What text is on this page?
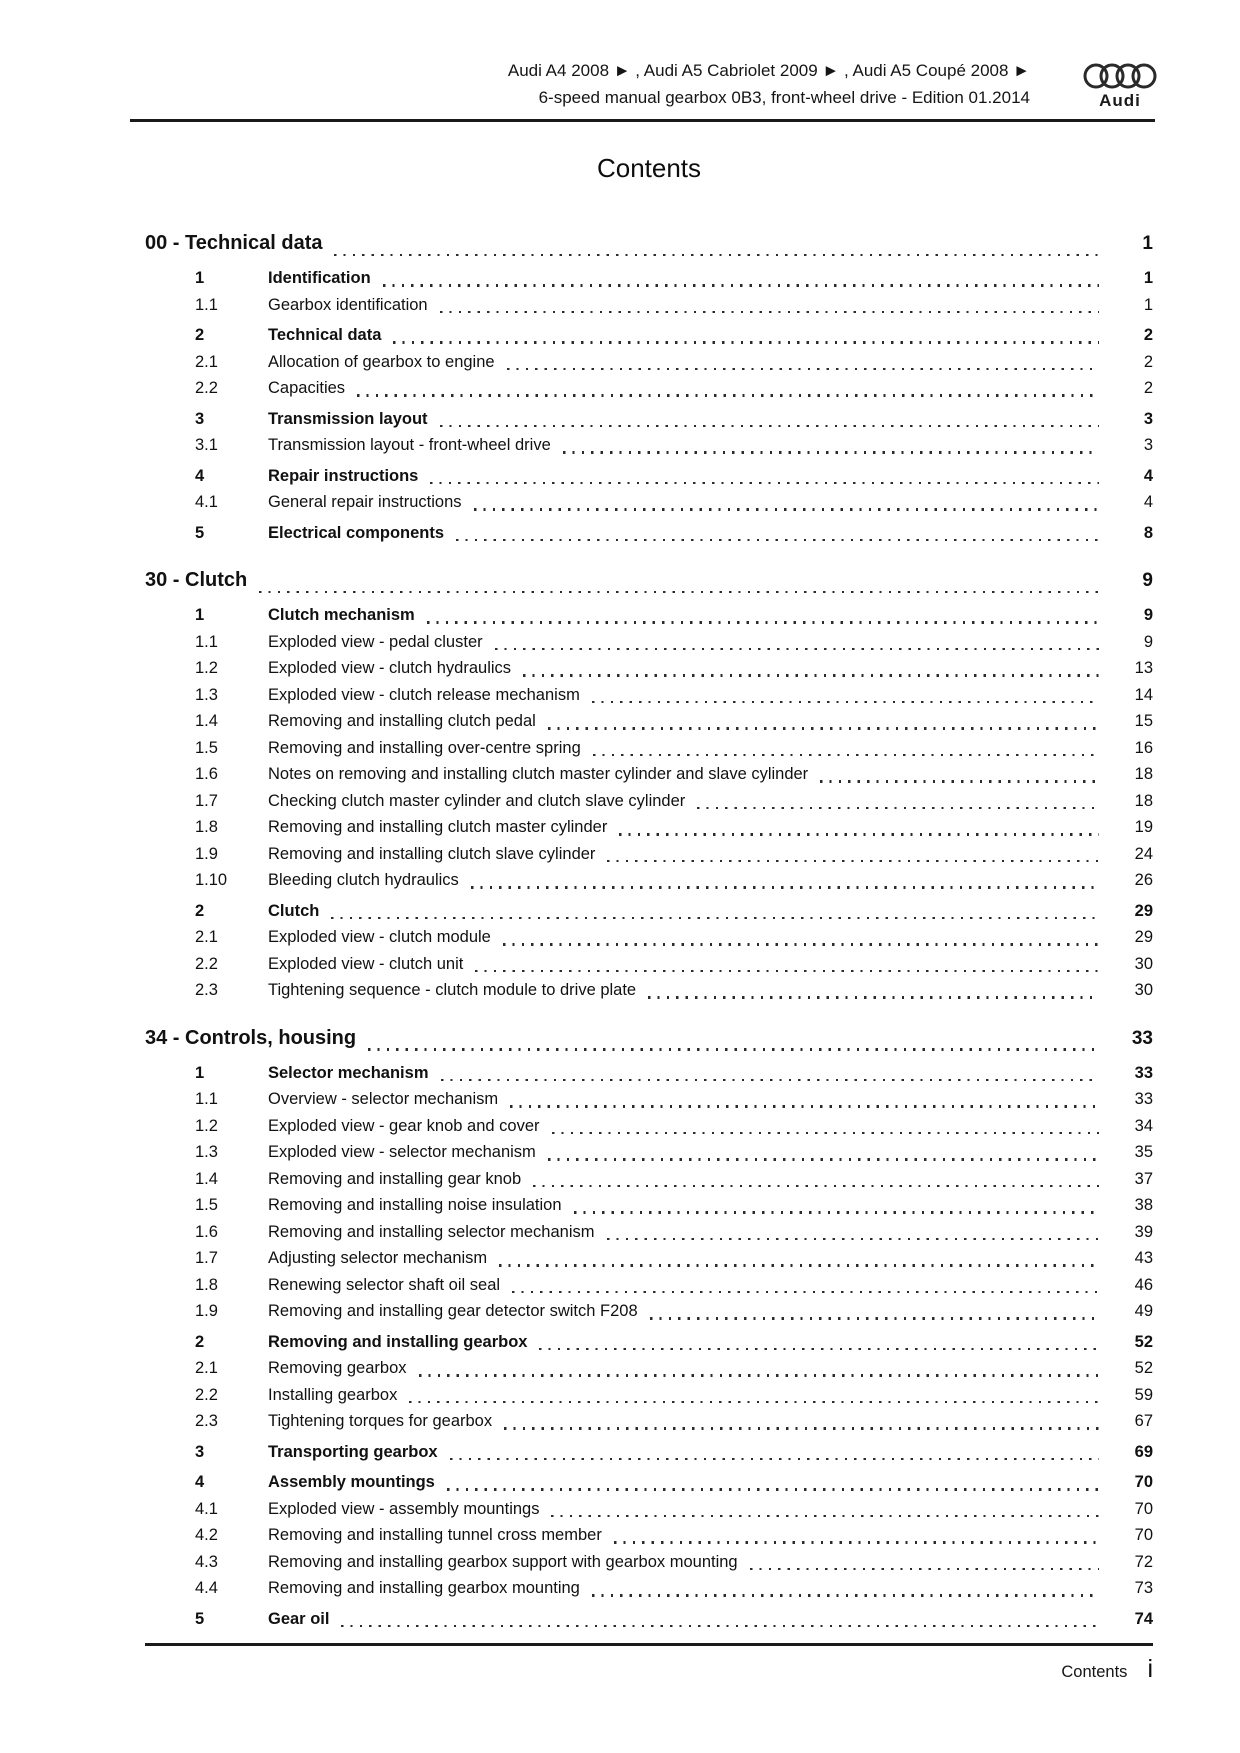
Audi A4 2008 ► , Audi A5 Cabriolet 2009 ► , Audi A5 Coupé 2008 ►
6-speed manual gearbox 0B3, front-wheel drive - Edition 01.2014	Audi
Contents
00 - Technical data	1
1	Identification	1
1.1	Gearbox identification	1
2	Technical data	2
2.1	Allocation of gearbox to engine	2
2.2	Capacities	2
3	Transmission layout	3
3.1	Transmission layout - front-wheel drive	3
4	Repair instructions	4
4.1	General repair instructions	4
5	Electrical components	8
30 - Clutch	9
1	Clutch mechanism	9
1.1	Exploded view - pedal cluster	9
1.2	Exploded view - clutch hydraulics	13
1.3	Exploded view - clutch release mechanism	14
1.4	Removing and installing clutch pedal	15
1.5	Removing and installing over-centre spring	16
1.6	Notes on removing and installing clutch master cylinder and slave cylinder	18
1.7	Checking clutch master cylinder and clutch slave cylinder	18
1.8	Removing and installing clutch master cylinder	19
1.9	Removing and installing clutch slave cylinder	24
1.10	Bleeding clutch hydraulics	26
2	Clutch	29
2.1	Exploded view - clutch module	29
2.2	Exploded view - clutch unit	30
2.3	Tightening sequence - clutch module to drive plate	30
34 - Controls, housing	33
1	Selector mechanism	33
1.1	Overview - selector mechanism	33
1.2	Exploded view - gear knob and cover	34
1.3	Exploded view - selector mechanism	35
1.4	Removing and installing gear knob	37
1.5	Removing and installing noise insulation	38
1.6	Removing and installing selector mechanism	39
1.7	Adjusting selector mechanism	43
1.8	Renewing selector shaft oil seal	46
1.9	Removing and installing gear detector switch F208	49
2	Removing and installing gearbox	52
2.1	Removing gearbox	52
2.2	Installing gearbox	59
2.3	Tightening torques for gearbox	67
3	Transporting gearbox	69
4	Assembly mountings	70
4.1	Exploded view - assembly mountings	70
4.2	Removing and installing tunnel cross member	70
4.3	Removing and installing gearbox support with gearbox mounting	72
4.4	Removing and installing gearbox mounting	73
5	Gear oil	74
Contents i
